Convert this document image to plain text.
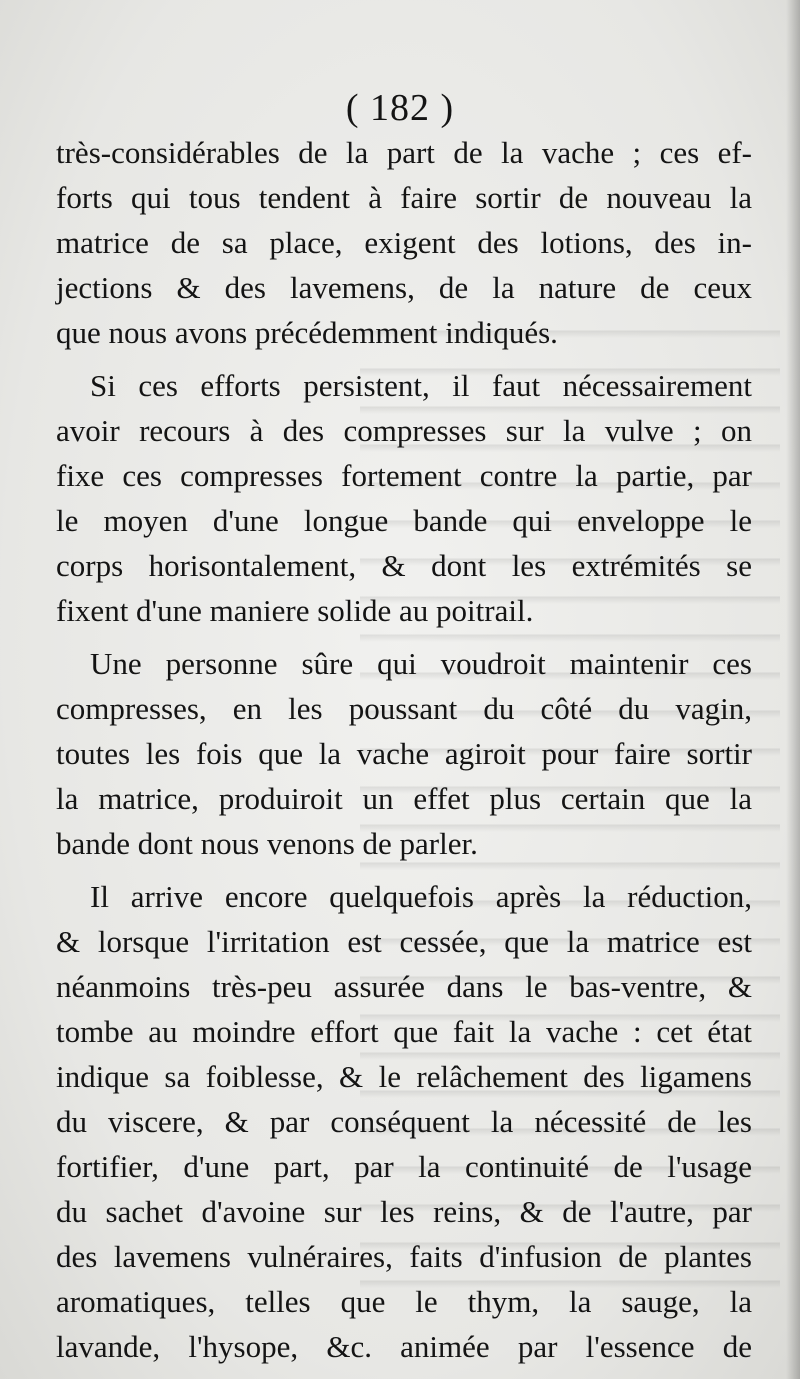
( 182 )
très-considérables de la part de la vache ; ces ef-
forts qui tous tendent à faire sortir de nouveau la
matrice de sa place, exigent des lotions, des in-
jections & des lavemens, de la nature de ceux
que nous avons précédemment indiqués.
Si ces efforts persistent, il faut nécessairement
avoir recours à des compresses sur la vulve ; on
fixe ces compresses fortement contre la partie, par
le moyen d'une longue bande qui enveloppe le
corps horisontalement, & dont les extrémités se
fixent d'une maniere solide au poitrail.
Une personne sûre qui voudroit maintenir ces
compresses, en les poussant du côté du vagin,
toutes les fois que la vache agiroit pour faire sortir
la matrice, produiroit un effet plus certain que la
bande dont nous venons de parler.
Il arrive encore quelquefois après la réduction,
& lorsque l'irritation est cessée, que la matrice est
néanmoins très-peu assurée dans le bas-ventre, &
tombe au moindre effort que fait la vache : cet état
indique sa foiblesse, & le relâchement des ligamens
du viscere, & par conséquent la nécessité de les
fortifier, d'une part, par la continuité de l'usage
du sachet d'avoine sur les reins, & de l'autre, par
des lavemens vulnéraires, faits d'infusion de plantes
aromatiques, telles que le thym, la sauge, la
lavande, l'hysope, &c. animée par l'essence de
